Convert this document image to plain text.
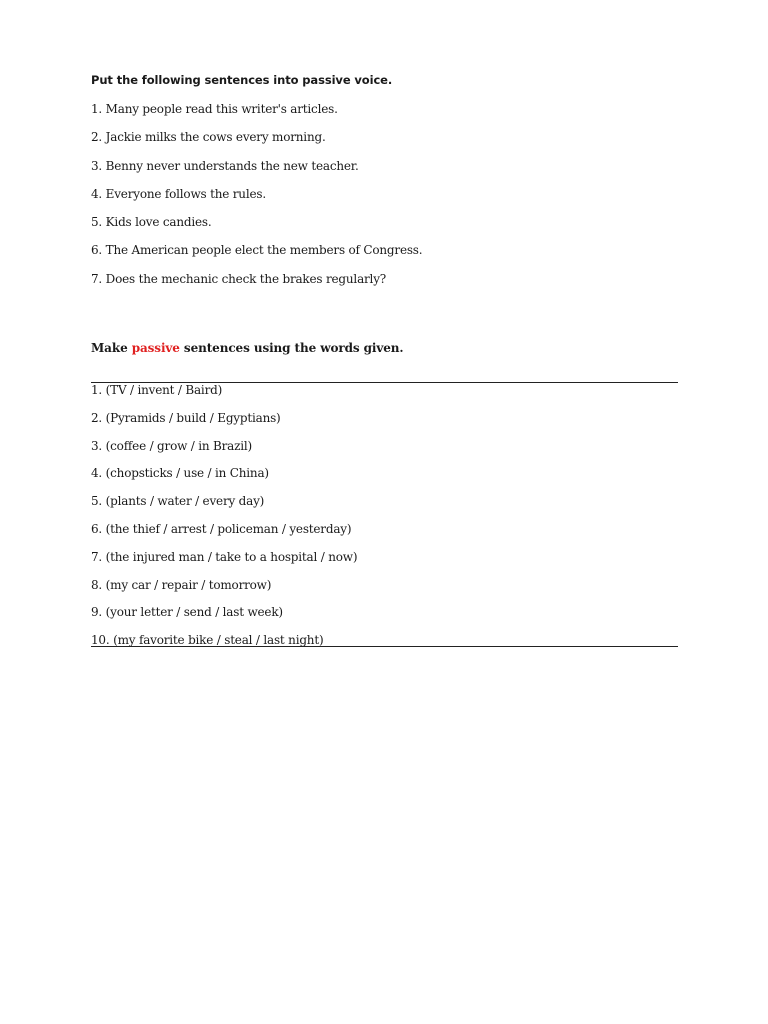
Put the following sentences into passive voice.

1. Many people read this writer's articles.
2. Jackie milks the cows every morning.
3. Benny never understands the new teacher.
4. Everyone follows the rules.
5. Kids love candies.
6. The American people elect the members of Congress.
7. Does the mechanic check the brakes regularly?

Make passive sentences using the words given.

1. (TV / invent / Baird)
2. (Pyramids / build / Egyptians)
3. (coffee / grow / in Brazil)
4. (chopsticks / use / in China)
5. (plants / water / every day)
6. (the thief / arrest / policeman / yesterday)
7. (the injured man / take to a hospital / now)
8. (my car / repair / tomorrow)
9. (your letter / send / last week)
10. (my favorite bike / steal / last night)
